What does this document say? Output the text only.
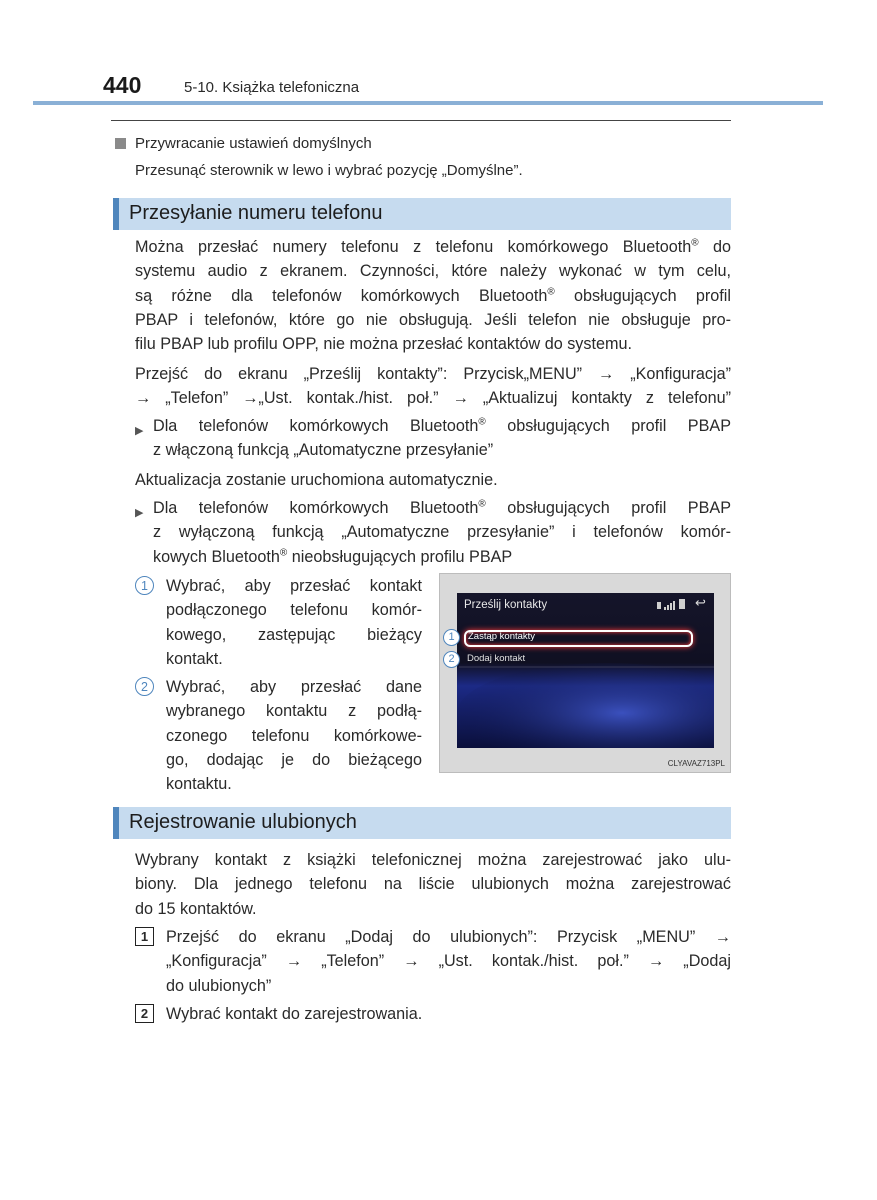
440	5-10. Książka telefoniczna
Przywracanie ustawień domyślnych
Przesunąć sterownik w lewo i wybrać pozycję „Domyślne”.
Przesyłanie numeru telefonu
Można przesłać numery telefonu z telefonu komórkowego Bluetooth® do
systemu audio z ekranem. Czynności, które należy wykonać w tym celu,
są różne dla telefonów komórkowych Bluetooth® obsługujących profil
PBAP i telefonów, które go nie obsługują. Jeśli telefon nie obsługuje pro-
filu PBAP lub profilu OPP, nie można przesłać kontaktów do systemu.
Przejść do ekranu „Prześlij kontakty”: Przycisk„MENU” → „Konfiguracja”
→ „Telefon” →„Ust. kontak./hist. poł.” → „Aktualizuj kontakty z telefonu”
▶ Dla telefonów komórkowych Bluetooth® obsługujących profil PBAP
z włączoną funkcją „Automatyczne przesyłanie”
Aktualizacja zostanie uruchomiona automatycznie.
▶ Dla telefonów komórkowych Bluetooth® obsługujących profil PBAP
z wyłączoną funkcją „Automatyczne przesyłanie” i telefonów komór-
kowych Bluetooth® nieobsługujących profilu PBAP
1	Wybrać, aby przesłać kontakt
podłączonego telefonu komór-
kowego, zastępując bieżący
kontakt.
2	Wybrać, aby przesłać dane
wybranego kontaktu z podłą-
czonego telefonu komórkowe-
go, dodając je do bieżącego
kontaktu.
Prześlij kontakty	↩
Zastąp kontakty
Dodaj kontakt
1
2
CLYAVAZ713PL
Rejestrowanie ulubionych
Wybrany kontakt z książki telefonicznej można zarejestrować jako ulu-
biony. Dla jednego telefonu na liście ulubionych można zarejestrować
do 15 kontaktów.
1	Przejść do ekranu „Dodaj do ulubionych”: Przycisk „MENU” →
„Konfiguracja” → „Telefon” → „Ust. kontak./hist. poł.” → „Dodaj
do ulubionych”
2	Wybrać kontakt do zarejestrowania.
